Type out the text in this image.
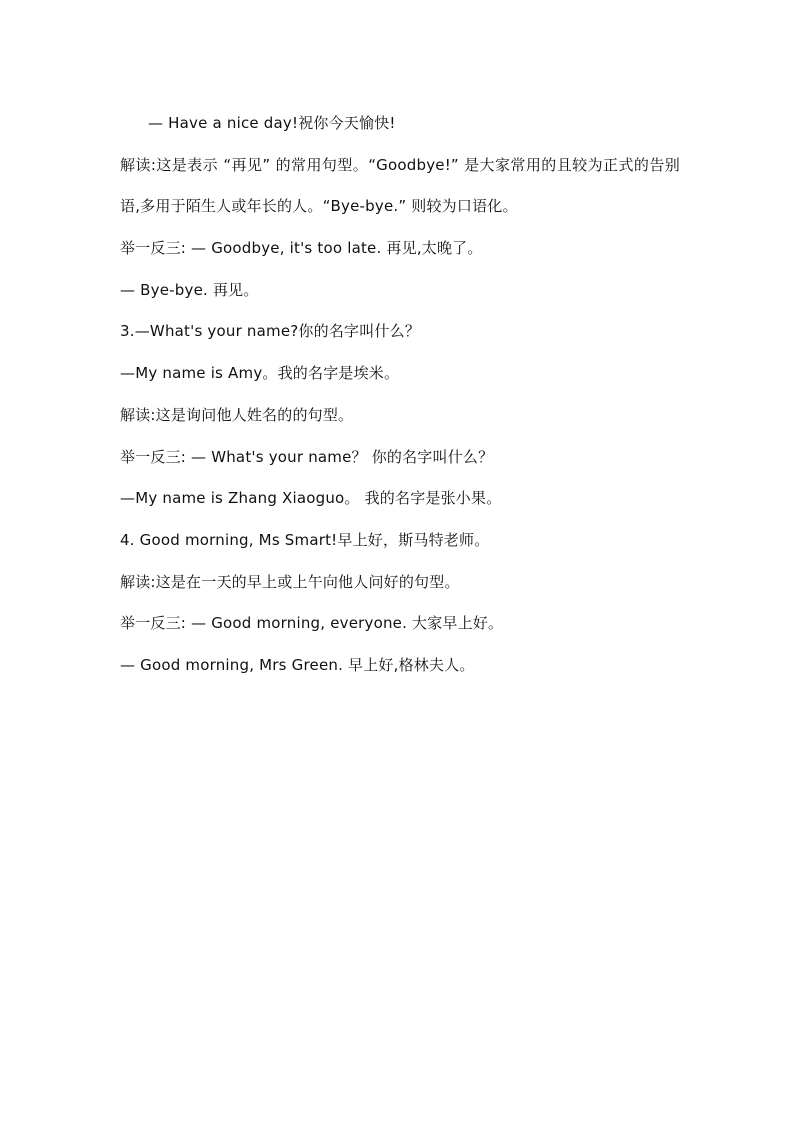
— Have a nice day!祝你今天愉快!
解读:这是表示 “再见” 的常用句型。“Goodbye!” 是大家常用的且较为正式的告别语,多用于陌生人或年长的人。“Bye-bye.” 则较为口语化。
举一反三: — Goodbye, it's too late. 再见,太晚了。
— Bye-bye. 再见。
3.—What's your name?你的名字叫什么？
—My name is Amy。我的名字是埃米。
解读:这是询问他人姓名的的句型。
举一反三: — What's your name？ 你的名字叫什么？
—My name is Zhang Xiaoguo。 我的名字是张小果。
4. Good morning, Ms Smart!早上好，斯马特老师。
解读:这是在一天的早上或上午向他人问好的句型。
举一反三: — Good morning, everyone. 大家早上好。
— Good morning, Mrs Green. 早上好,格林夫人。
